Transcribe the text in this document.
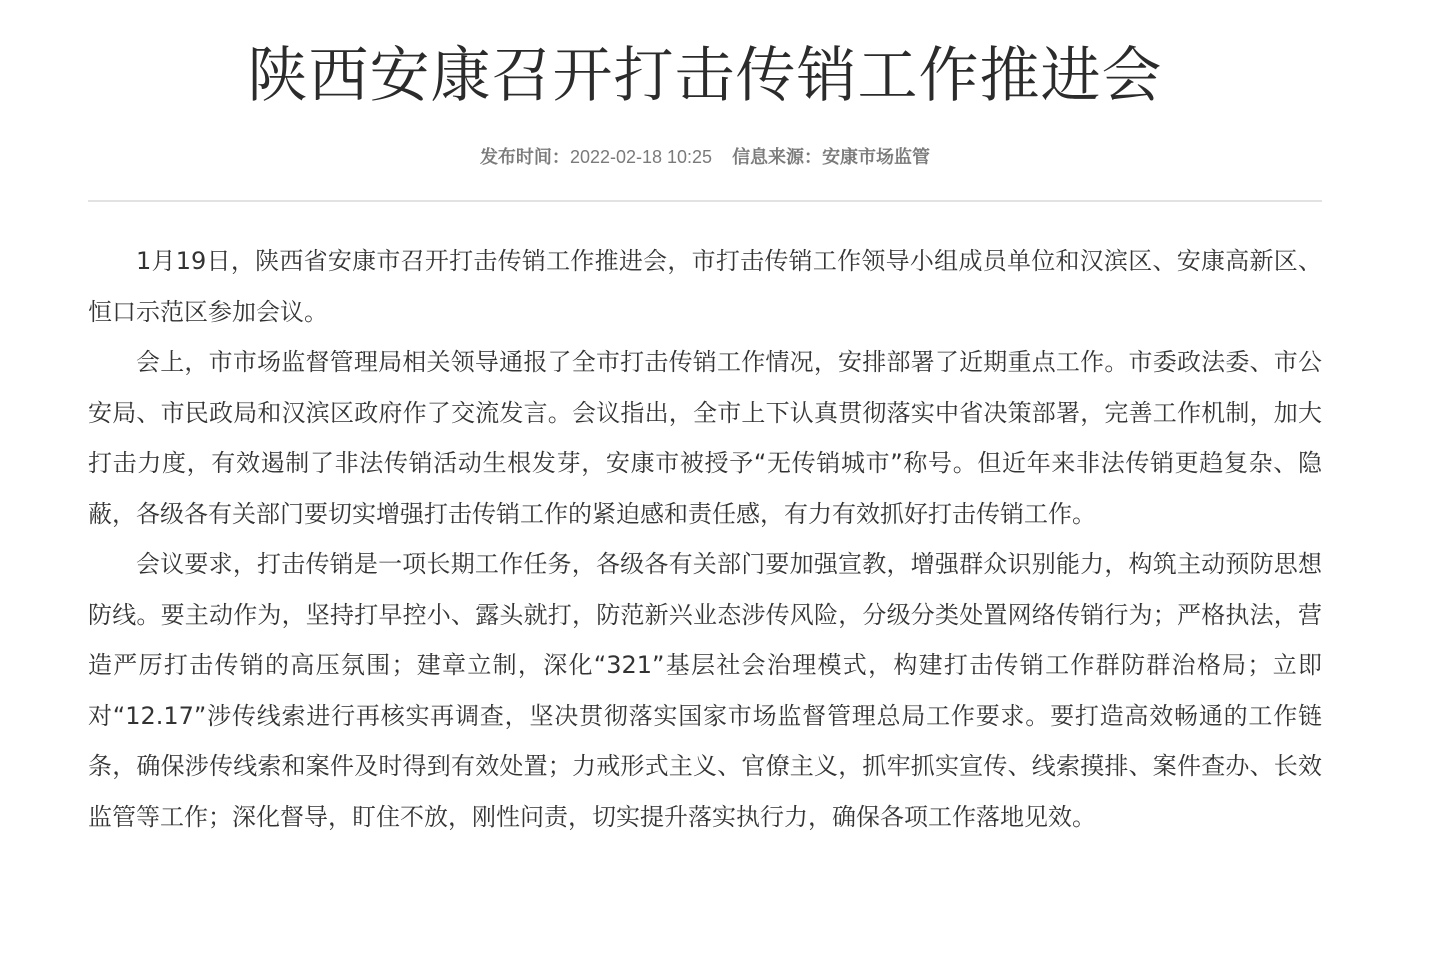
陕西安康召开打击传销工作推进会
发布时间：2022-02-18 10:25 信息来源：安康市场监管

1月19日，陕西省安康市召开打击传销工作推进会，市打击传销工作领导小组成员单位和汉滨区、安康高新区、恒口示范区参加会议。

会上，市市场监督管理局相关领导通报了全市打击传销工作情况，安排部署了近期重点工作。市委政法委、市公安局、市民政局和汉滨区政府作了交流发言。会议指出，全市上下认真贯彻落实中省决策部署，完善工作机制，加大打击力度，有效遏制了非法传销活动生根发芽，安康市被授予“无传销城市”称号。但近年来非法传销更趋复杂、隐蔽，各级各有关部门要切实增强打击传销工作的紧迫感和责任感，有力有效抓好打击传销工作。

会议要求，打击传销是一项长期工作任务，各级各有关部门要加强宣教，增强群众识别能力，构筑主动预防思想防线。要主动作为，坚持打早控小、露头就打，防范新兴业态涉传风险，分级分类处置网络传销行为；严格执法，营造严厉打击传销的高压氛围；建章立制，深化“321”基层社会治理模式，构建打击传销工作群防群治格局；立即对“12.17”涉传线索进行再核实再调查，坚决贯彻落实国家市场监督管理总局工作要求。要打造高效畅通的工作链条，确保涉传线索和案件及时得到有效处置；力戒形式主义、官僚主义，抓牢抓实宣传、线索摸排、案件查办、长效监管等工作；深化督导，盯住不放，刚性问责，切实提升落实执行力，确保各项工作落地见效。
